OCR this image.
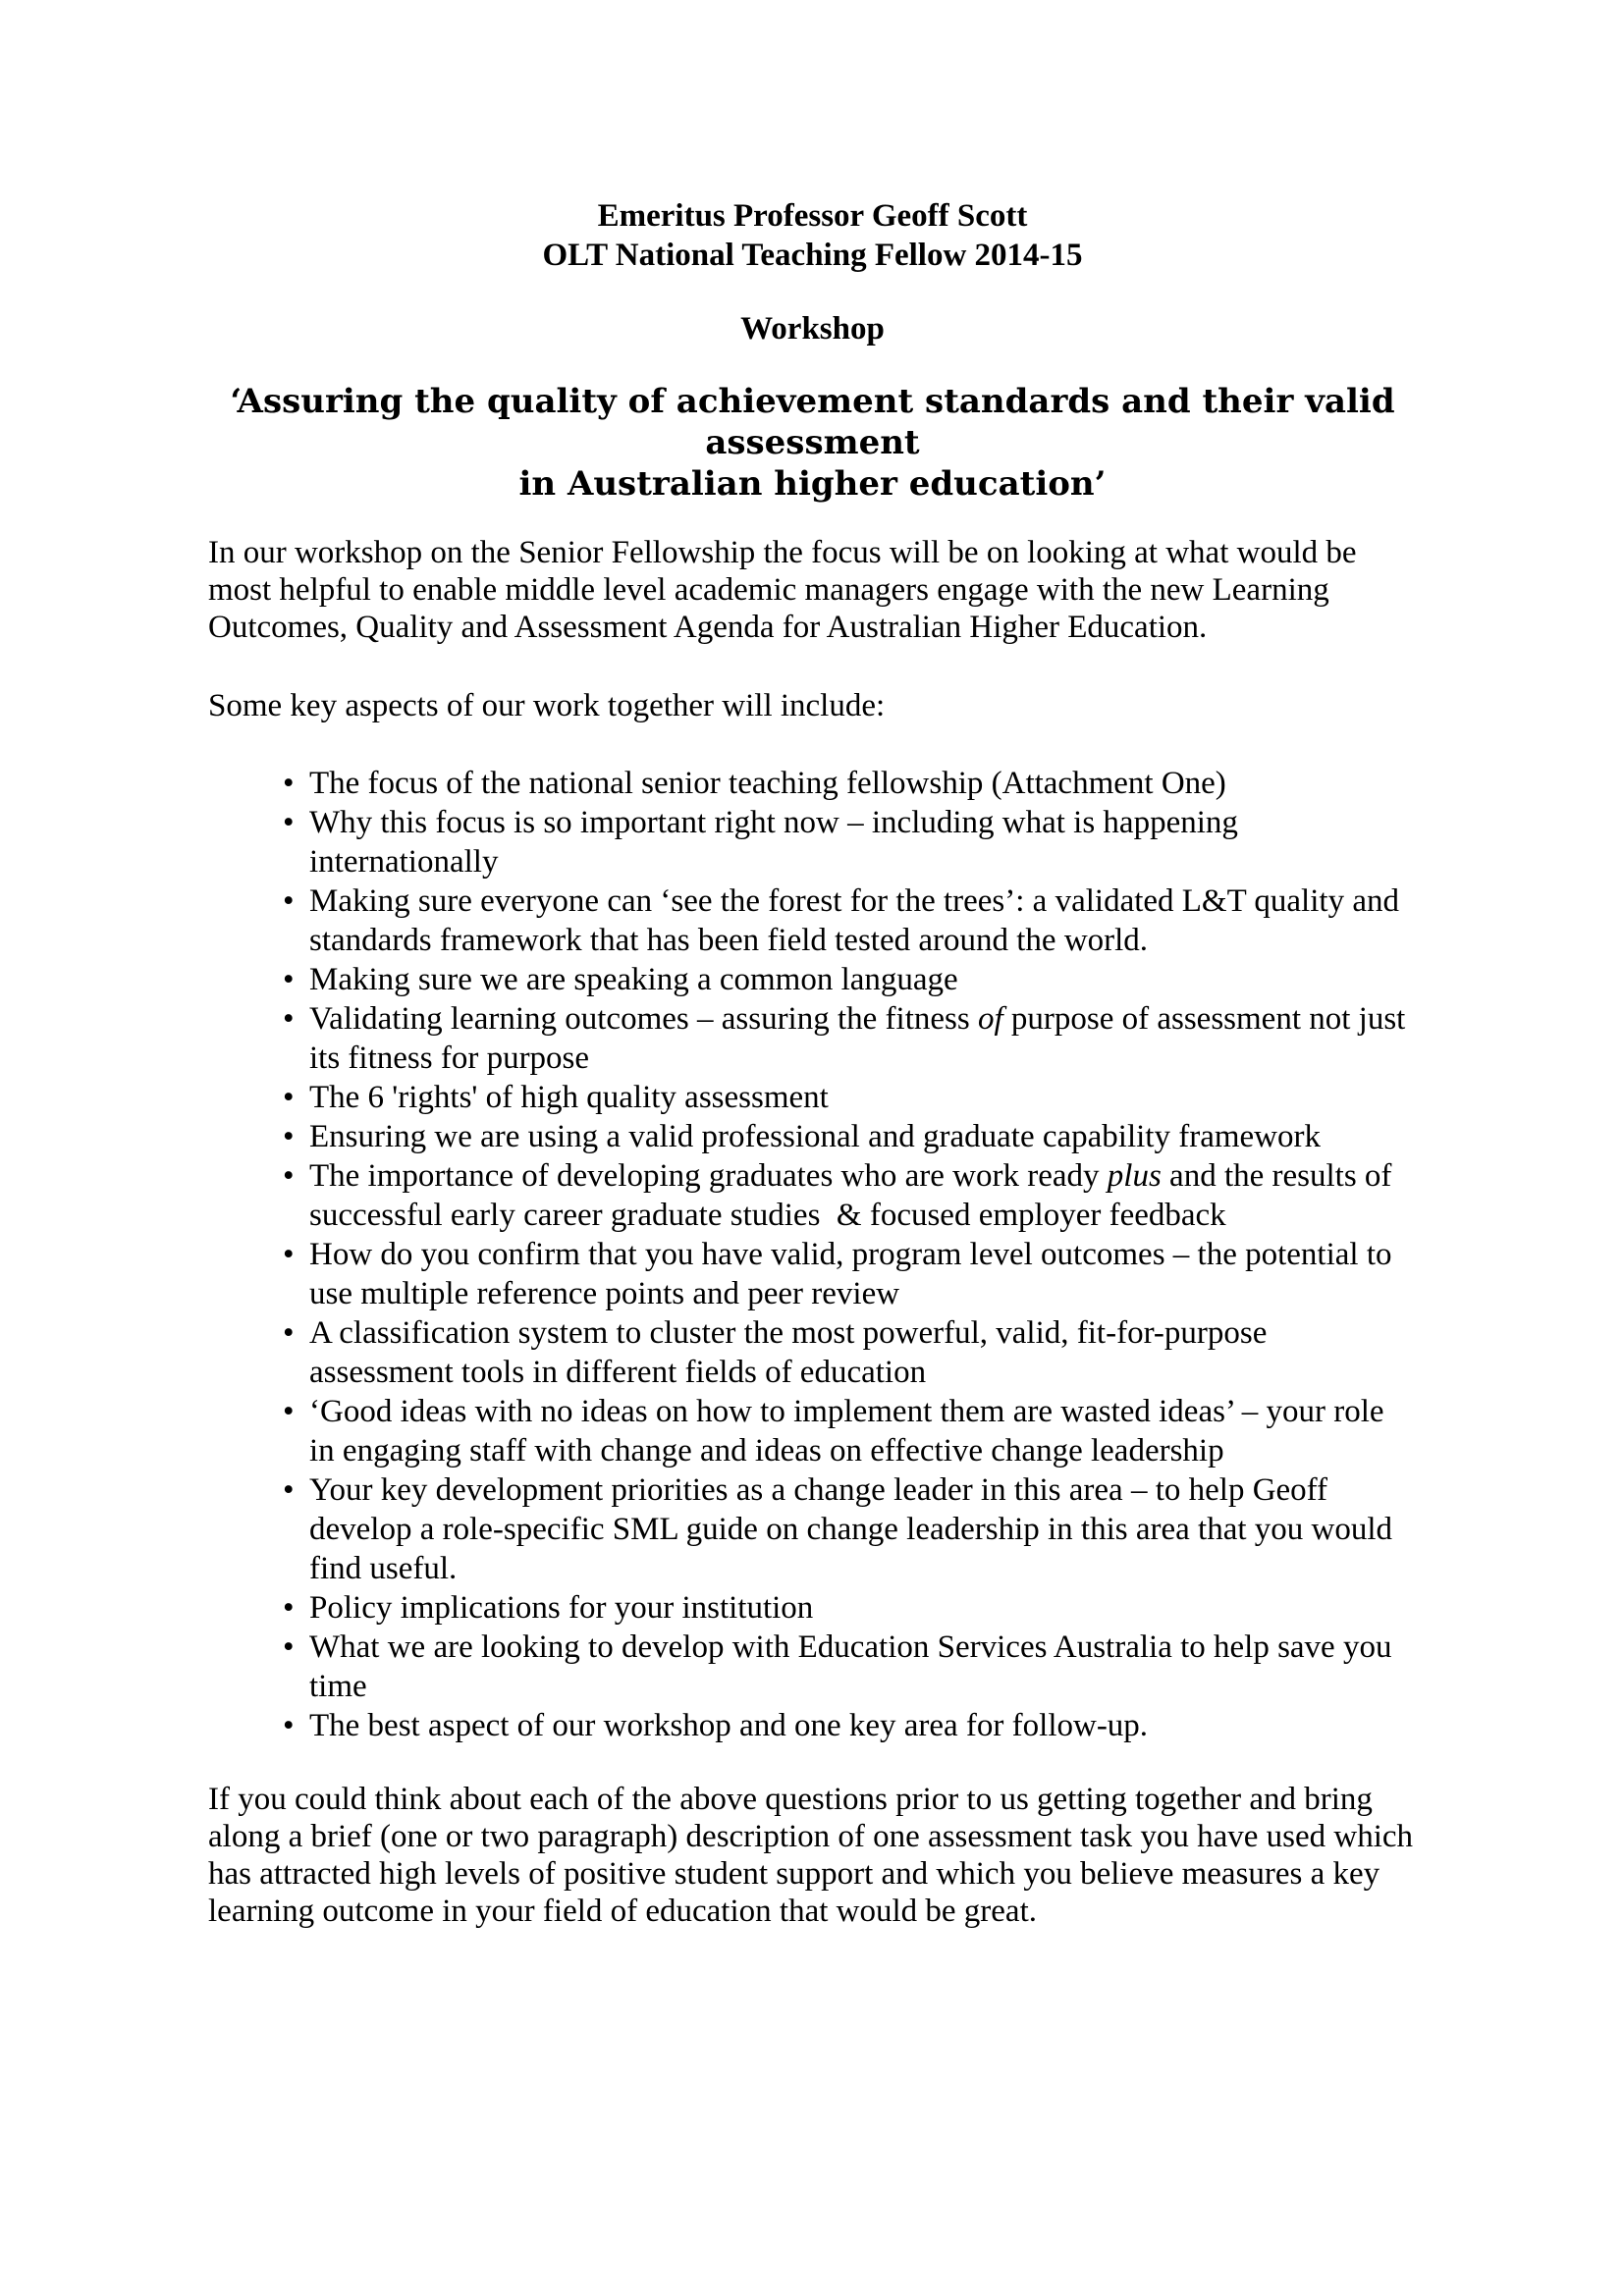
Emeritus Professor Geoff Scott

OLT National Teaching Fellow 2014-15

Workshop

‘Assuring the quality of achievement standards and their valid assessment
in Australian higher education’

In our workshop on the Senior Fellowship the focus will be on looking at what would be most helpful to enable middle level academic managers engage with the new Learning Outcomes, Quality and Assessment Agenda for Australian Higher Education.

Some key aspects of our work together will include:

• The focus of the national senior teaching fellowship (Attachment One)
• Why this focus is so important right now – including what is happening internationally
• Making sure everyone can ‘see the forest for the trees’: a validated L&T quality and standards framework that has been field tested around the world.
• Making sure we are speaking a common language
• Validating learning outcomes – assuring the fitness of purpose of assessment not just its fitness for purpose
• The 6 'rights' of high quality assessment
• Ensuring we are using a valid professional and graduate capability framework
• The importance of developing graduates who are work ready plus and the results of successful early career graduate studies  & focused employer feedback
• How do you confirm that you have valid, program level outcomes – the potential to use multiple reference points and peer review
• A classification system to cluster the most powerful, valid, fit-for-purpose assessment tools in different fields of education
• ‘Good ideas with no ideas on how to implement them are wasted ideas’ – your role in engaging staff with change and ideas on effective change leadership
• Your key development priorities as a change leader in this area – to help Geoff develop a role-specific SML guide on change leadership in this area that you would find useful.
• Policy implications for your institution
• What we are looking to develop with Education Services Australia to help save you time
• The best aspect of our workshop and one key area for follow-up.

If you could think about each of the above questions prior to us getting together and bring along a brief (one or two paragraph) description of one assessment task you have used which has attracted high levels of positive student support and which you believe measures a key learning outcome in your field of education that would be great.
